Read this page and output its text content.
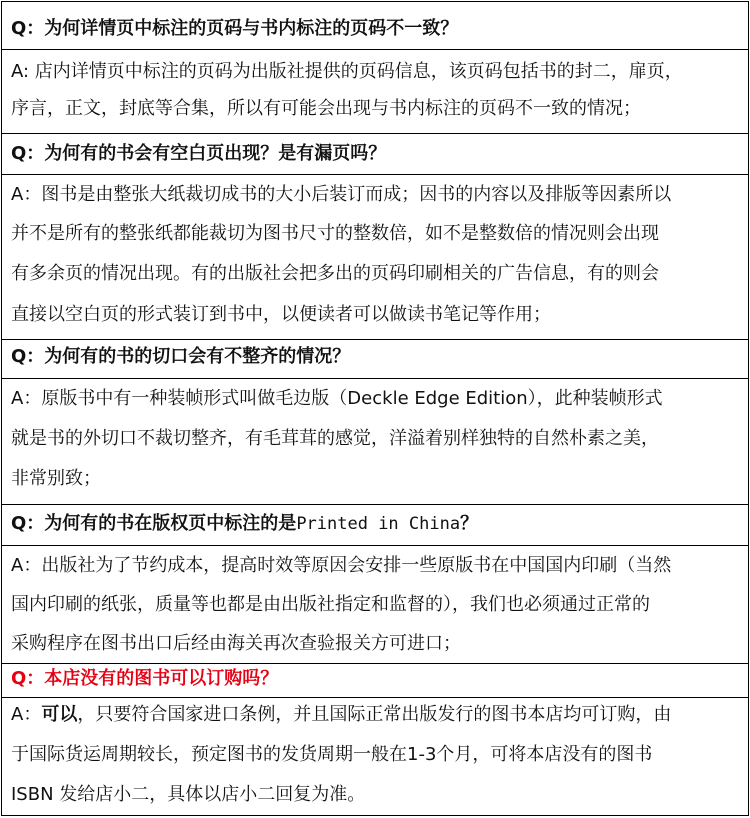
Q：为何详情页中标注的页码与书内标注的页码不一致？
A: 店内详情页中标注的页码为出版社提供的页码信息，该页码包括书的封二，扉页，
序言，正文，封底等合集，所以有可能会出现与书内标注的页码不一致的情况；
Q：为何有的书会有空白页出现？是有漏页吗？
A：图书是由整张大纸裁切成书的大小后装订而成；因书的内容以及排版等因素所以
并不是所有的整张纸都能裁切为图书尺寸的整数倍，如不是整数倍的情况则会出现
有多余页的情况出现。有的出版社会把多出的页码印刷相关的广告信息，有的则会
直接以空白页的形式装订到书中，以便读者可以做读书笔记等作用；
Q：为何有的书的切口会有不整齐的情况？
A：原版书中有一种装帧形式叫做毛边版（Deckle Edge Edition），此种装帧形式
就是书的外切口不裁切整齐，有毛茸茸的感觉，洋溢着别样独特的自然朴素之美，
非常别致；
Q：为何有的书在版权页中标注的是Printed in China？
A：出版社为了节约成本，提高时效等原因会安排一些原版书在中国国内印刷（当然
国内印刷的纸张，质量等也都是由出版社指定和监督的），我们也必须通过正常的
采购程序在图书出口后经由海关再次查验报关方可进口；
Q：本店没有的图书可以订购吗？
A：可以，只要符合国家进口条例，并且国际正常出版发行的图书本店均可订购，由
于国际货运周期较长，预定图书的发货周期一般在1-3个月，可将本店没有的图书
ISBN 发给店小二，具体以店小二回复为准。
